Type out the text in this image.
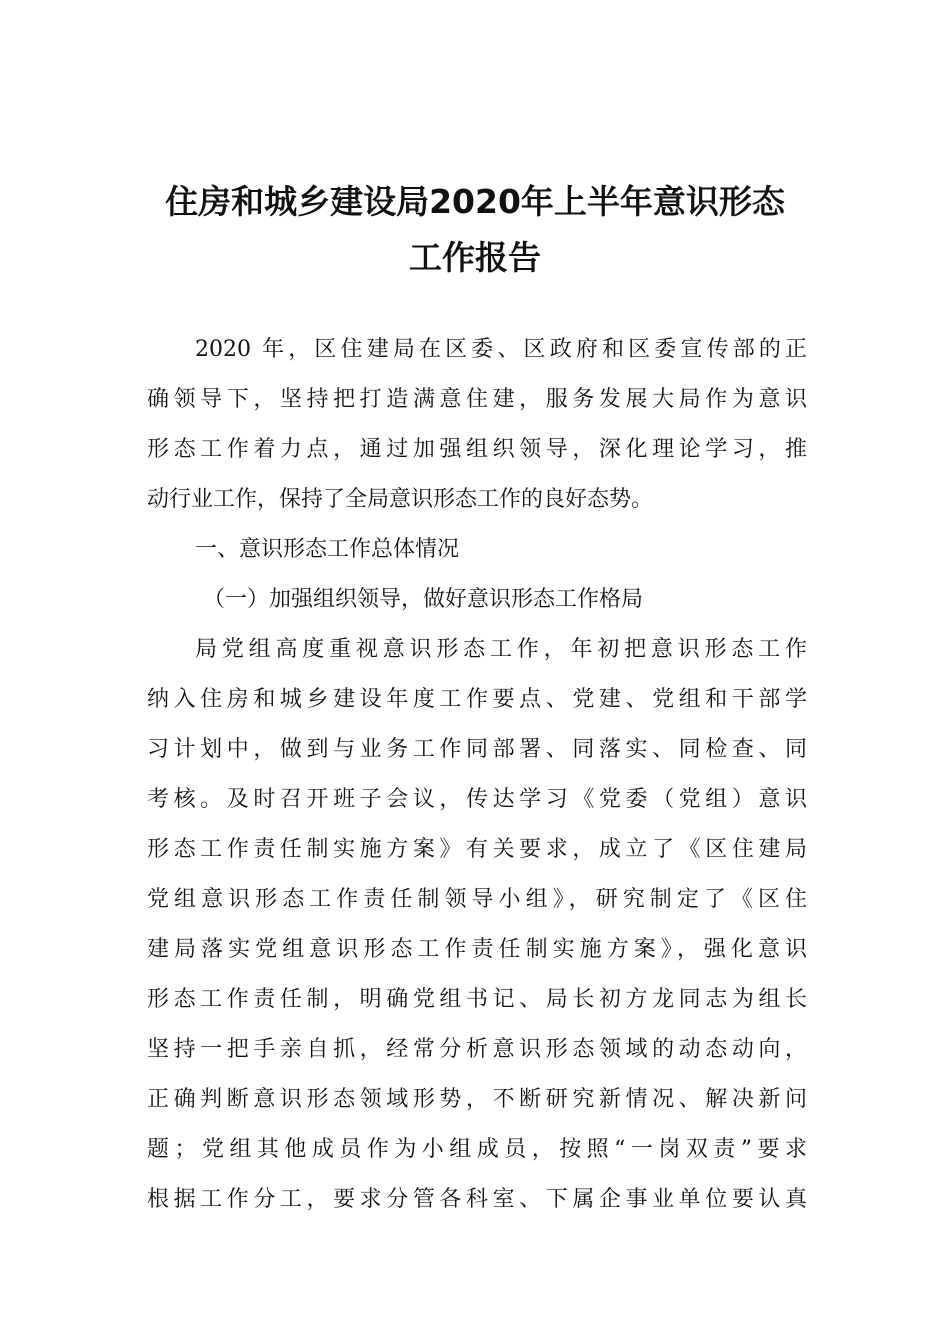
住房和城乡建设局2020年上半年意识形态
工作报告
2020 年，区住建局在区委、区政府和区委宣传部的正
确领导下，坚持把打造满意住建，服务发展大局作为意识
形态工作着力点，通过加强组织领导，深化理论学习，推
动行业工作，保持了全局意识形态工作的良好态势。
一、意识形态工作总体情况
（一）加强组织领导，做好意识形态工作格局
局党组高度重视意识形态工作，年初把意识形态工作
纳入住房和城乡建设年度工作要点、党建、党组和干部学
习计划中，做到与业务工作同部署、同落实、同检查、同
考核。及时召开班子会议，传达学习《党委（党组）意识
形态工作责任制实施方案》有关要求，成立了《区住建局
党组意识形态工作责任制领导小组》，研究制定了《区住
建局落实党组意识形态工作责任制实施方案》，强化意识
形态工作责任制，明确党组书记、局长初方龙同志为组长
坚持一把手亲自抓，经常分析意识形态领域的动态动向，
正确判断意识形态领域形势，不断研究新情况、解决新问
题；党组其他成员作为小组成员，按照“一岗双责”要求
根据工作分工，要求分管各科室、下属企事业单位要认真
